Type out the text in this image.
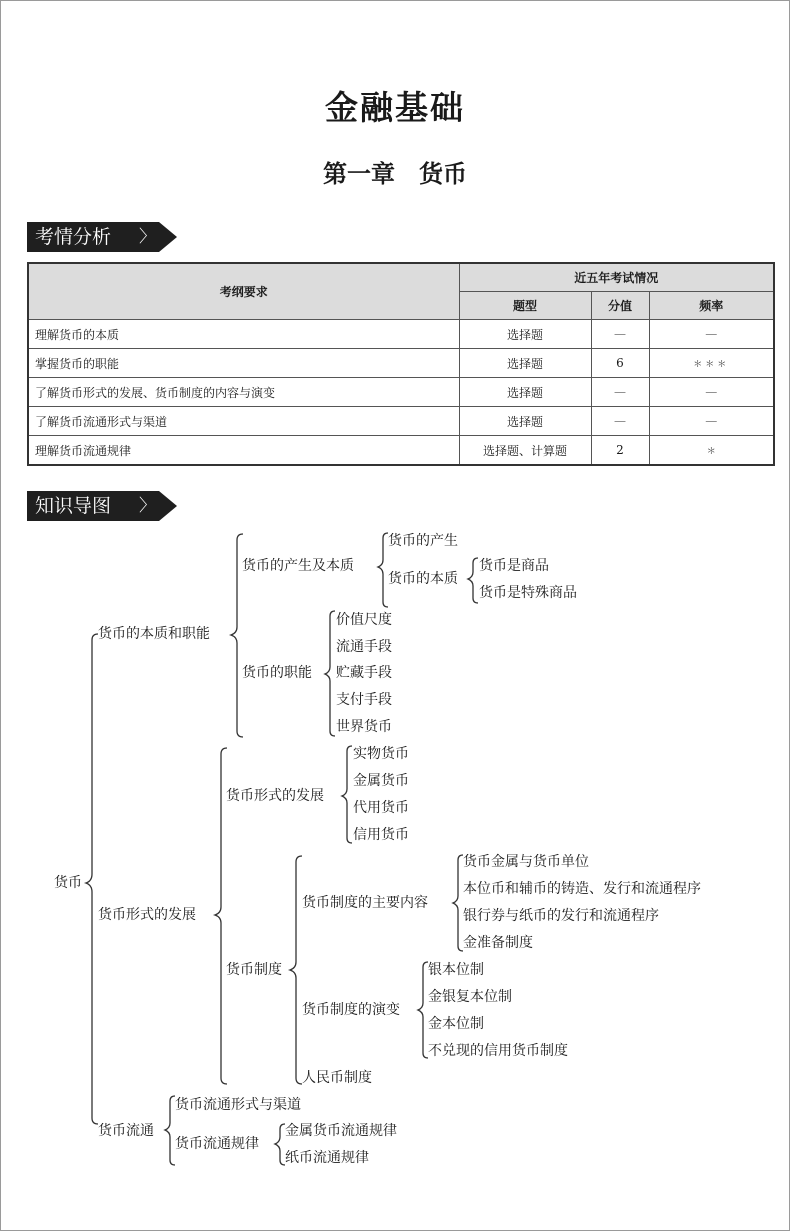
金融基础
第一章　货币
考情分析 〉
考纲要求	近五年考试情况		
	题型	分值	频率
理解货币的本质	选择题	—	—
掌握货币的职能	选择题	6	＊＊＊
了解货币形式的发展、货币制度的内容与演变	选择题	—	—
了解货币流通形式与渠道	选择题	—	—
理解货币流通规律	选择题、计算题	2	＊
知识导图 〉
货币
货币的本质和职能
货币形式的发展
货币流通
货币的产生及本质
货币的产生
货币的本质
货币是商品
货币是特殊商品
货币的职能
价值尺度
流通手段
贮藏手段
支付手段
世界货币
货币形式的发展
实物货币
金属货币
代用货币
信用货币
货币制度
货币制度的主要内容
货币金属与货币单位
本位币和辅币的铸造、发行和流通程序
银行券与纸币的发行和流通程序
金准备制度
货币制度的演变
银本位制
金银复本位制
金本位制
不兑现的信用货币制度
人民币制度
货币流通形式与渠道
货币流通规律
金属货币流通规律
纸币流通规律
